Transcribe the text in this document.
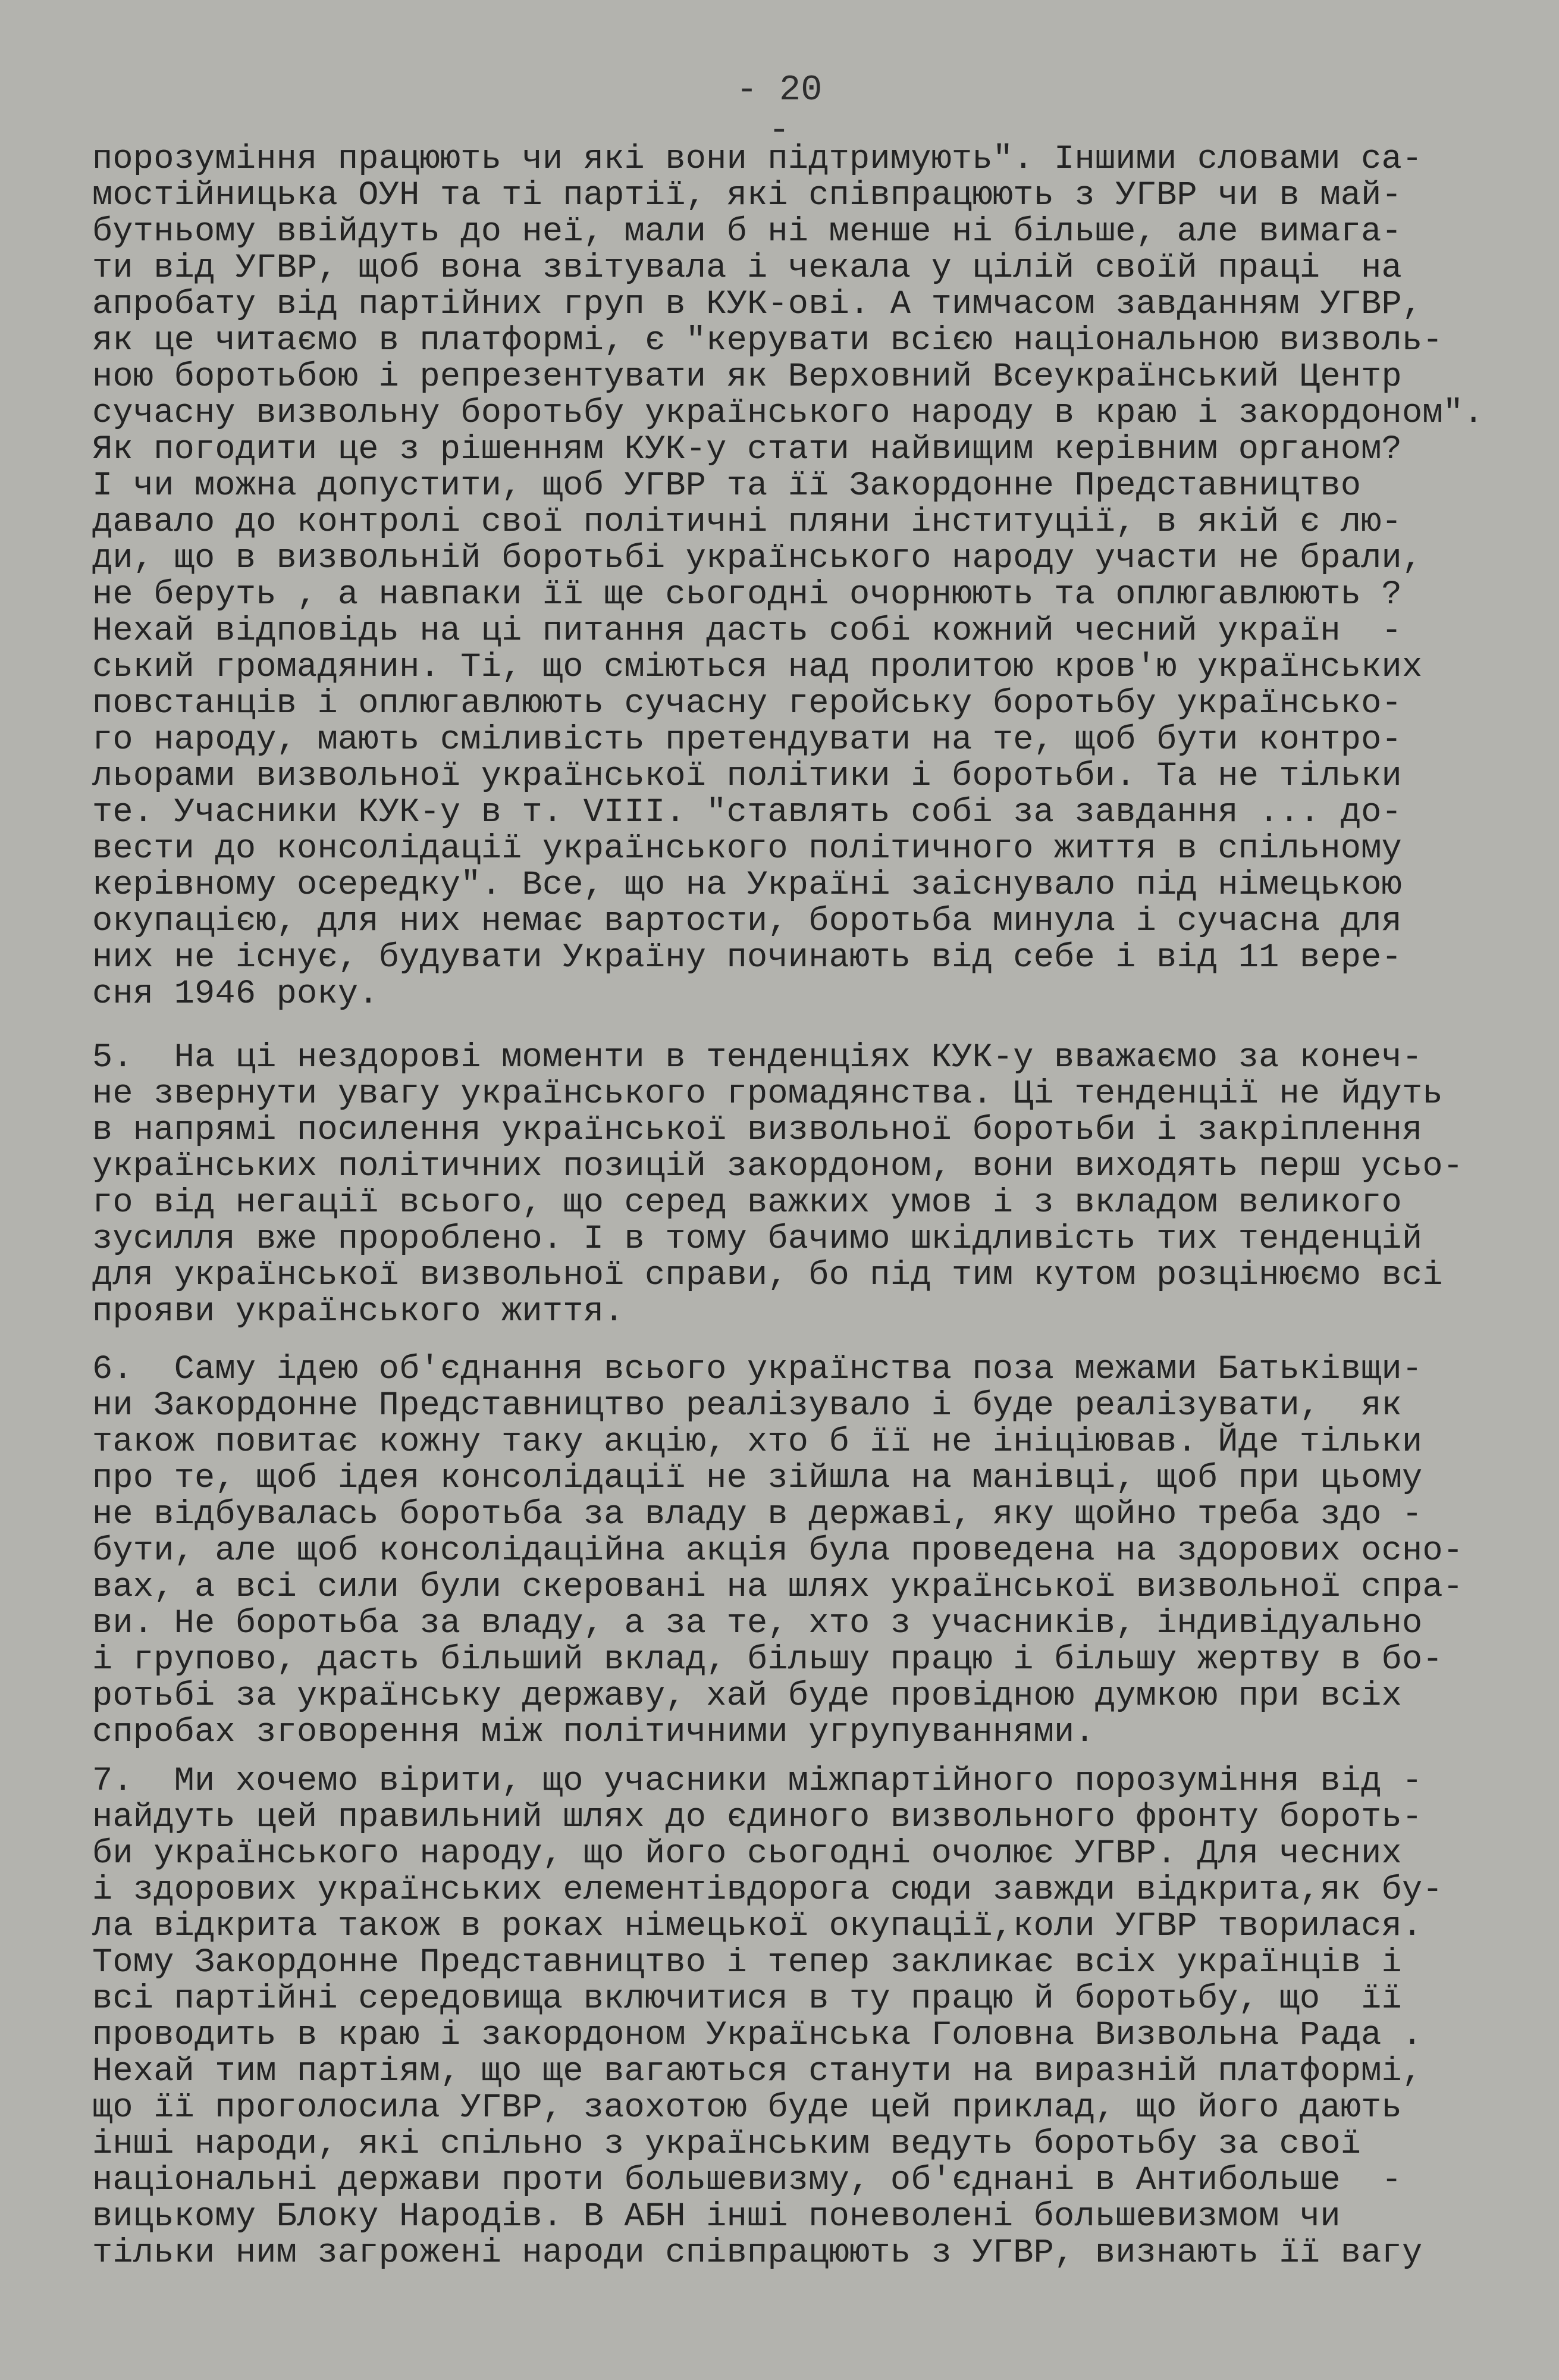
- 20 -
порозуміння працюють чи які вони підтримують". Іншими словами са-
мостійницька ОУН та ті партії, які співпрацюють з УГВР чи в май-
бутньому ввійдуть до неї, мали б ні менше ні більше, але вимага-
ти від УГВР, щоб вона звітувала і чекала у цілій своїй праці  на
апробату від партійних груп в КУК-ові. А тимчасом завданням УГВР,
як це читаємо в платформі, є "керувати всією національною визволь-
ною боротьбою і репрезентувати як Верховний Всеукраїнський Центр
сучасну визвольну боротьбу українського народу в краю і закордоном".
Як погодити це з рішенням КУК-у стати найвищим керівним органом?
І чи можна допустити, щоб УГВР та її Закордонне Представництво
давало до контролі свої політичні пляни інституції, в якій є лю-
ди, що в визвольній боротьбі українського народу участи не брали,
не беруть , а навпаки її ще сьогодні очорнюють та оплюгавлюють ?
Нехай відповідь на ці питання дасть собі кожний чесний україн  -
ський громадянин. Ті, що сміються над пролитою кров'ю українських
повстанців і оплюгавлюють сучасну геройську боротьбу українсько-
го народу, мають сміливість претендувати на те, щоб бути контро-
льорами визвольної української політики і боротьби. Та не тільки
те. Учасники КУК-у в т. VIII. "ставлять собі за завдання ... до-
вести до консолідації українського політичного життя в спільному
керівному осередку". Все, що на Україні заіснувало під німецькою
окупацією, для них немає вартости, боротьба минула і сучасна для
них не існує, будувати Україну починають від себе і від 11 вере-
сня 1946 року.
5.  На ці нездорові моменти в тенденціях КУК-у вважаємо за конеч-
не звернути увагу українського громадянства. Ці тенденції не йдуть
в напрямі посилення української визвольної боротьби і закріплення
українських політичних позицій закордоном, вони виходять перш усьо-
го від негації всього, що серед важких умов і з вкладом великого
зусилля вже пророблено. І в тому бачимо шкідливість тих тенденцій
для української визвольної справи, бо під тим кутом розцінюємо всі
прояви українського життя.
6.  Саму ідею об'єднання всього українства поза межами Батьківщи-
ни Закордонне Представництво реалізувало і буде реалізувати,  як
також повитає кожну таку акцію, хто б її не ініціював. Йде тільки
про те, щоб ідея консолідації не зійшла на манівці, щоб при цьому
не відбувалась боротьба за владу в державі, яку щойно треба здо -
бути, але щоб консолідаційна акція була проведена на здорових осно-
вах, а всі сили були скеровані на шлях української визвольної спра-
ви. Не боротьба за владу, а за те, хто з учасників, індивідуально
і групово, дасть більший вклад, більшу працю і більшу жертву в бо-
ротьбі за українську державу, хай буде провідною думкою при всіх
спробах зговорення між політичними угрупуваннями.
7.  Ми хочемо вірити, що учасники міжпартійного порозуміння від -
найдуть цей правильний шлях до єдиного визвольного фронту бороть-
би українського народу, що його сьогодні очолює УГВР. Для чесних
і здорових українських елементівдорога сюди завжди відкрита,як бу-
ла відкрита також в роках німецької окупації,коли УГВР творилася.
Тому Закордонне Представництво і тепер закликає всіх українців і
всі партійні середовища включитися в ту працю й боротьбу, що  її
проводить в краю і закордоном Українська Головна Визвольна Рада .
Нехай тим партіям, що ще вагаються станути на виразній платформі,
що її проголосила УГВР, заохотою буде цей приклад, що його дають
інші народи, які спільно з українським ведуть боротьбу за свої
національні держави проти большевизму, об'єднані в Антибольше  -
вицькому Блоку Народів. В АБН інші поневолені большевизмом чи
тільки ним загрожені народи співпрацюють з УГВР, визнають її вагу
